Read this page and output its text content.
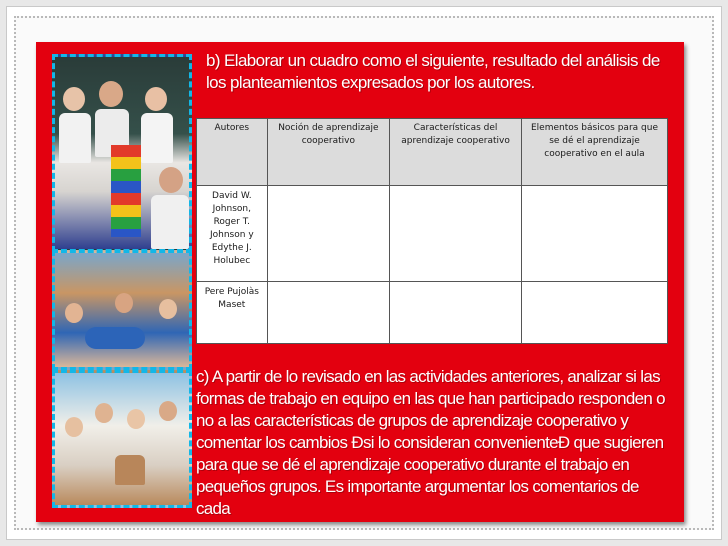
b) Elaborar un cuadro como el siguiente, resultado del análisis de los planteamientos expresados por los autores.
Autores	Noción de aprendizaje cooperativo	Características del aprendizaje cooperativo	Elementos básicos para que se dé el aprendizaje cooperativo en el aula
David W. Johnson, Roger T. Johnson y Edythe J. Holubec			
Pere Pujolàs Maset			
c) A partir de lo revisado en las actividades anteriores, analizar si las formas de trabajo en equipo en las que han participado responden o no a las características de grupos de aprendizaje cooperativo y comentar los cambios Ðsi lo consideran convenienteÐ que sugieren para que se dé el aprendizaje cooperativo durante el trabajo en pequeños grupos. Es importante argumentar los comentarios de cada
